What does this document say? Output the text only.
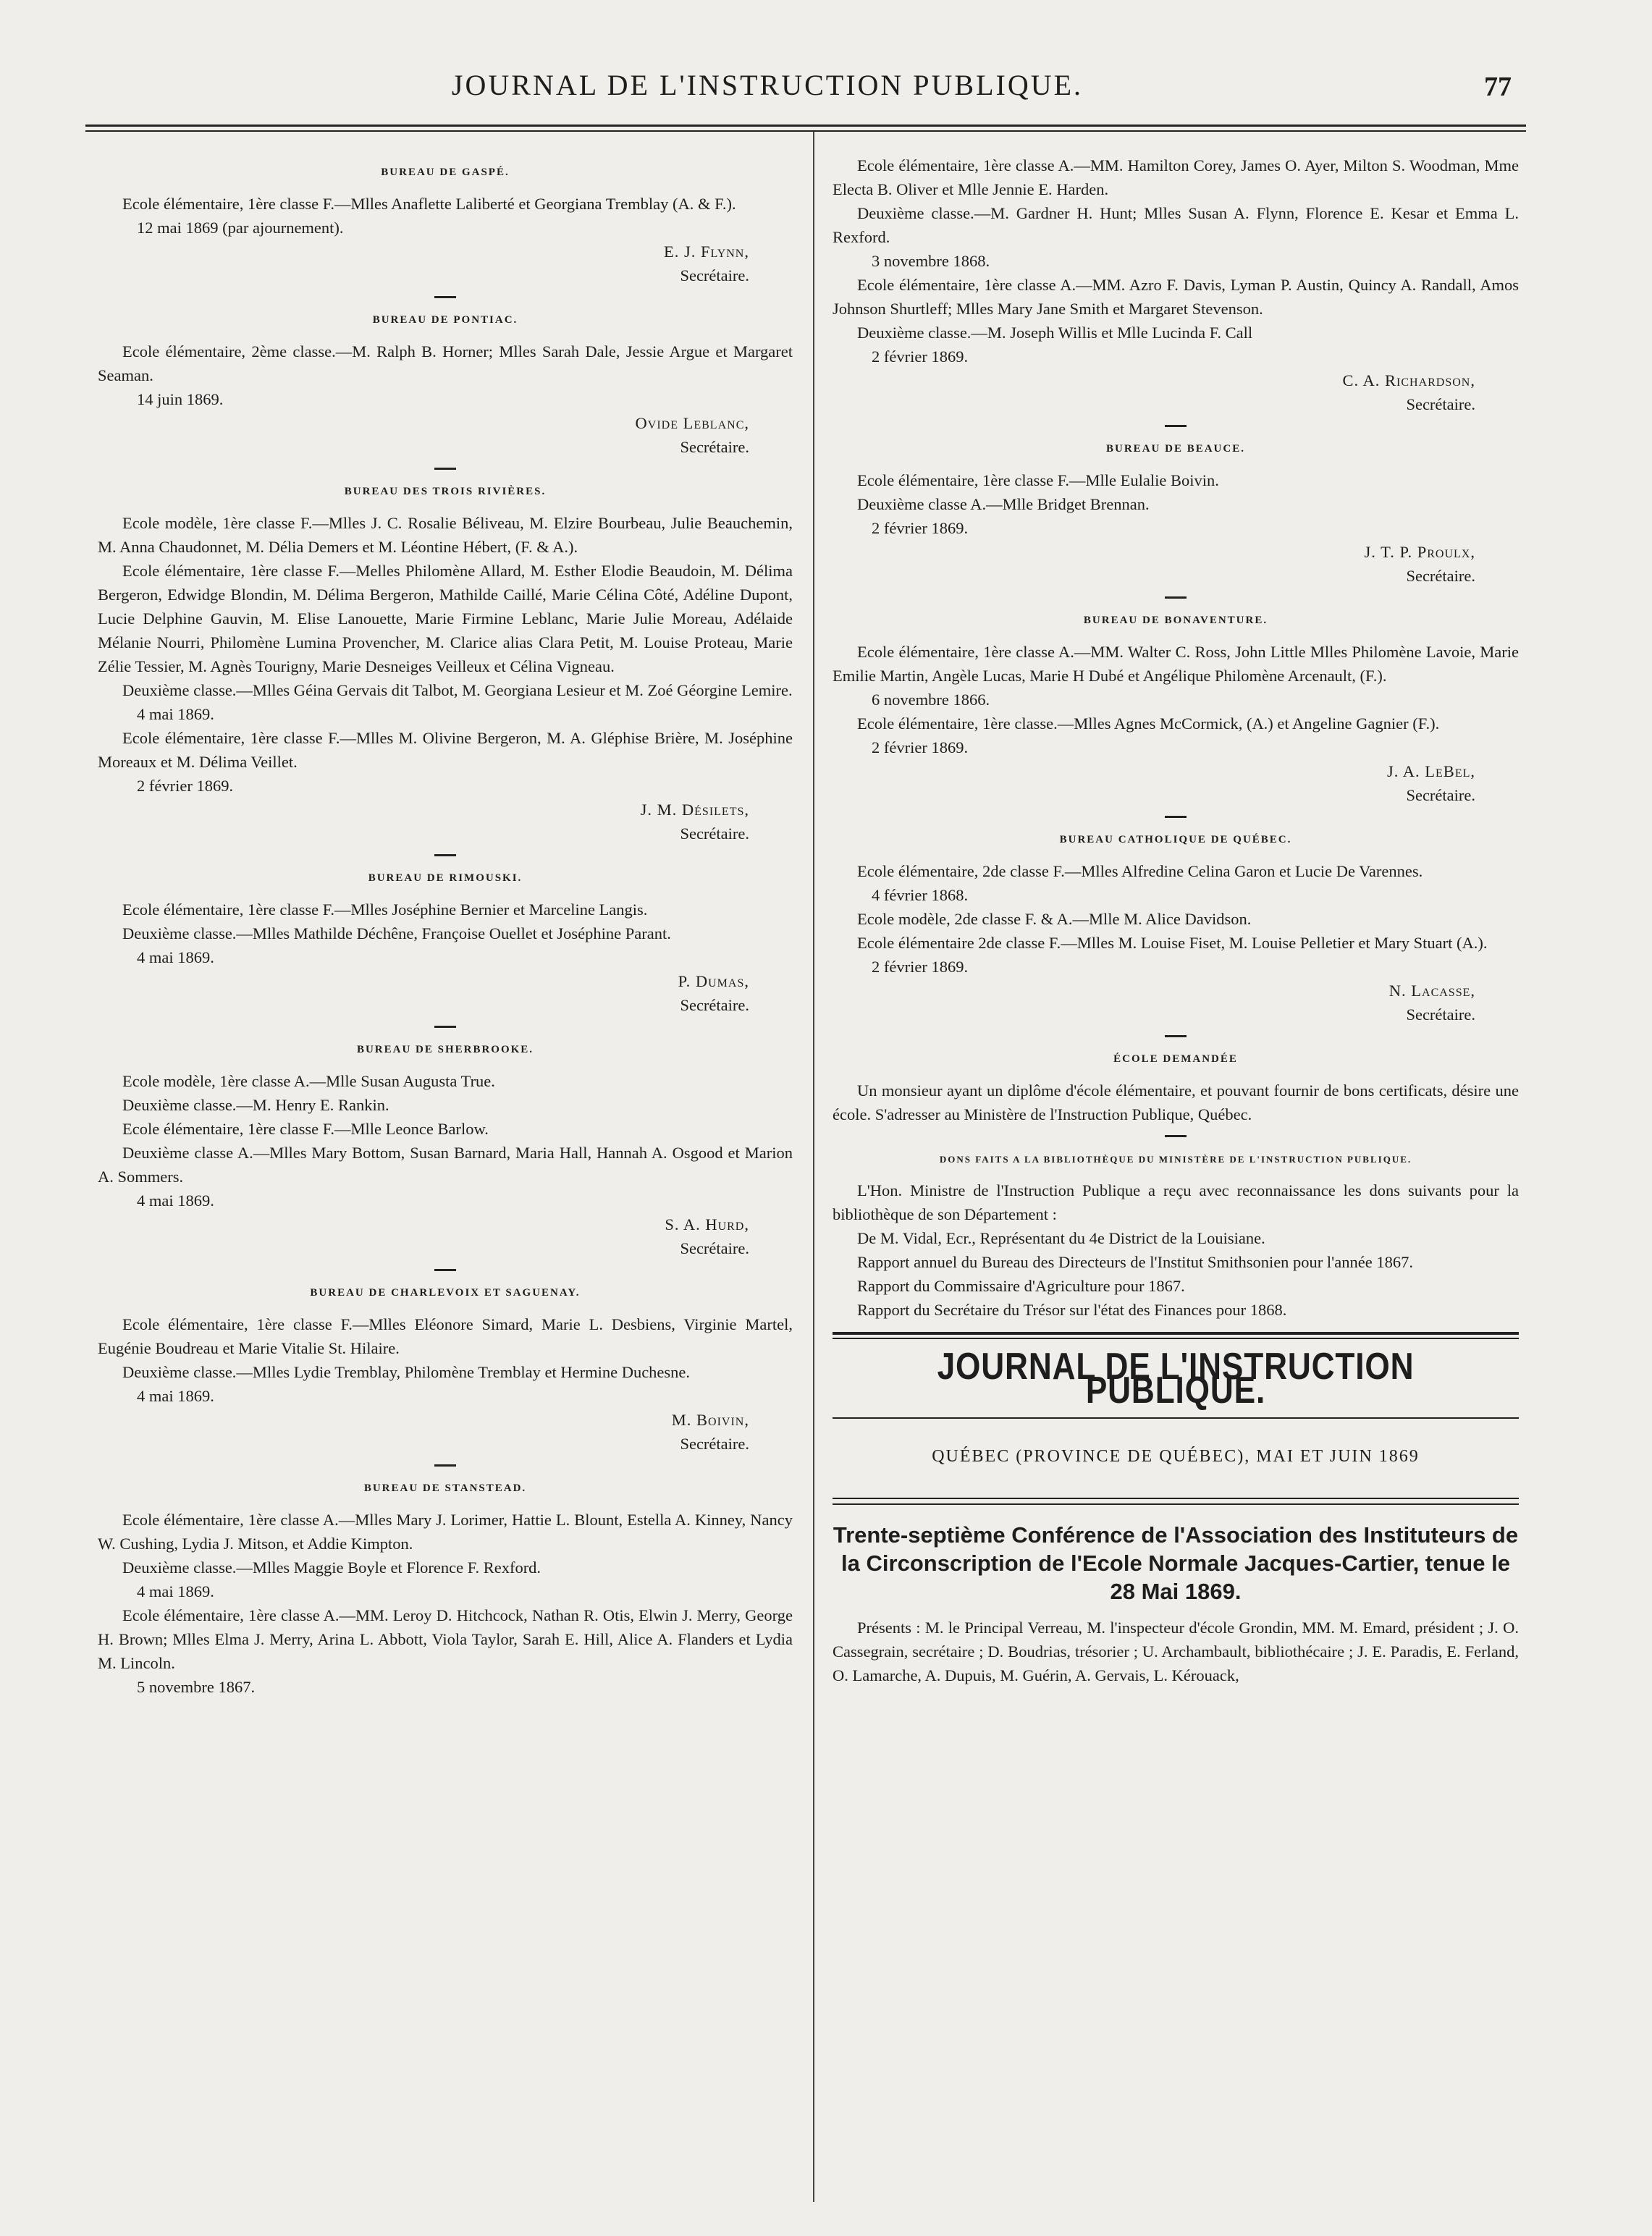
JOURNAL DE L'INSTRUCTION PUBLIQUE.	77
BUREAU DE GASPÉ.

Ecole élémentaire, 1ère classe F.—Mlles Anaflette Laliberté et Georgiana Tremblay (A. & F.).

12 mai 1869 (par ajournement).

E. J. Flynn,

Secrétaire.

BUREAU DE PONTIAC.

Ecole élémentaire, 2ème classe.—M. Ralph B. Horner; Mlles Sarah Dale, Jessie Argue et Margaret Seaman.

14 juin 1869.

Ovide Leblanc,

Secrétaire.

BUREAU DES TROIS RIVIÈRES.

Ecole modèle, 1ère classe F.—Mlles J. C. Rosalie Béliveau, M. Elzire Bourbeau, Julie Beauchemin, M. Anna Chaudonnet, M. Délia Demers et M. Léontine Hébert, (F. & A.).

Ecole élémentaire, 1ère classe F.—Melles Philomène Allard, M. Esther Elodie Beaudoin, M. Délima Bergeron, Edwidge Blondin, M. Délima Bergeron, Mathilde Caillé, Marie Célina Côté, Adéline Dupont, Lucie Delphine Gauvin, M. Elise Lanouette, Marie Firmine Leblanc, Marie Julie Moreau, Adélaide Mélanie Nourri, Philomène Lumina Provencher, M. Clarice alias Clara Petit, M. Louise Proteau, Marie Zélie Tessier, M. Agnès Tourigny, Marie Desneiges Veilleux et Célina Vigneau.

Deuxième classe.—Mlles Géina Gervais dit Talbot, M. Georgiana Lesieur et M. Zoé Géorgine Lemire.

4 mai 1869.

Ecole élémentaire, 1ère classe F.—Mlles M. Olivine Bergeron, M. A. Gléphise Brière, M. Joséphine Moreaux et M. Délima Veillet.

2 février 1869.

J. M. Désilets,

Secrétaire.

BUREAU DE RIMOUSKI.

Ecole élémentaire, 1ère classe F.—Mlles Joséphine Bernier et Marceline Langis.

Deuxième classe.—Mlles Mathilde Déchêne, Françoise Ouellet et Joséphine Parant.

4 mai 1869.

P. Dumas,

Secrétaire.

BUREAU DE SHERBROOKE.

Ecole modèle, 1ère classe A.—Mlle Susan Augusta True.

Deuxième classe.—M. Henry E. Rankin.

Ecole élémentaire, 1ère classe F.—Mlle Leonce Barlow.

Deuxième classe A.—Mlles Mary Bottom, Susan Barnard, Maria Hall, Hannah A. Osgood et Marion A. Sommers.

4 mai 1869.

S. A. Hurd,

Secrétaire.

BUREAU DE CHARLEVOIX ET SAGUENAY.

Ecole élémentaire, 1ère classe F.—Mlles Eléonore Simard, Marie L. Desbiens, Virginie Martel, Eugénie Boudreau et Marie Vitalie St. Hilaire.

Deuxième classe.—Mlles Lydie Tremblay, Philomène Tremblay et Hermine Duchesne.

4 mai 1869.

M. Boivin,

Secrétaire.

BUREAU DE STANSTEAD.

Ecole élémentaire, 1ère classe A.—Mlles Mary J. Lorimer, Hattie L. Blount, Estella A. Kinney, Nancy W. Cushing, Lydia J. Mitson, et Addie Kimpton.

Deuxième classe.—Mlles Maggie Boyle et Florence F. Rexford.

4 mai 1869.

Ecole élémentaire, 1ère classe A.—MM. Leroy D. Hitchcock, Nathan R. Otis, Elwin J. Merry, George H. Brown; Mlles Elma J. Merry, Arina L. Abbott, Viola Taylor, Sarah E. Hill, Alice A. Flanders et Lydia M. Lincoln.

5 novembre 1867.

Ecole élémentaire, 1ère classe A.—MM. Hamilton Corey, James O. Ayer, Milton S. Woodman, Mme Electa B. Oliver et Mlle Jennie E. Harden.

Deuxième classe.—M. Gardner H. Hunt; Mlles Susan A. Flynn, Florence E. Kesar et Emma L. Rexford.

3 novembre 1868.

Ecole élémentaire, 1ère classe A.—MM. Azro F. Davis, Lyman P. Austin, Quincy A. Randall, Amos Johnson Shurtleff; Mlles Mary Jane Smith et Margaret Stevenson.

Deuxième classe.—M. Joseph Willis et Mlle Lucinda F. Call

2 février 1869.

C. A. Richardson,

Secrétaire.

BUREAU DE BEAUCE.

Ecole élémentaire, 1ère classe F.—Mlle Eulalie Boivin.

Deuxième classe A.—Mlle Bridget Brennan.

2 février 1869.

J. T. P. Proulx,

Secrétaire.

BUREAU DE BONAVENTURE.

Ecole élémentaire, 1ère classe A.—MM. Walter C. Ross, John Little Mlles Philomène Lavoie, Marie Emilie Martin, Angèle Lucas, Marie H Dubé et Angélique Philomène Arcenault, (F.).

6 novembre 1866.

Ecole élémentaire, 1ère classe.—Mlles Agnes McCormick, (A.) et Angeline Gagnier (F.).

2 février 1869.

J. A. LeBel,

Secrétaire.

BUREAU CATHOLIQUE DE QUÉBEC.

Ecole élémentaire, 2de classe F.—Mlles Alfredine Celina Garon et Lucie De Varennes.

4 février 1868.

Ecole modèle, 2de classe F. & A.—Mlle M. Alice Davidson.

Ecole élémentaire 2de classe F.—Mlles M. Louise Fiset, M. Louise Pelletier et Mary Stuart (A.).

2 février 1869.

N. Lacasse,

Secrétaire.

ÉCOLE DEMANDÉE

Un monsieur ayant un diplôme d'école élémentaire, et pouvant fournir de bons certificats, désire une école. S'adresser au Ministère de l'Instruction Publique, Québec.

DONS FAITS A LA BIBLIOTHÈQUE DU MINISTÈRE DE L'INSTRUCTION PUBLIQUE.

L'Hon. Ministre de l'Instruction Publique a reçu avec reconnaissance les dons suivants pour la bibliothèque de son Département :

De M. Vidal, Ecr., Représentant du 4e District de la Louisiane.

Rapport annuel du Bureau des Directeurs de l'Institut Smithsonien pour l'année 1867.

Rapport du Commissaire d'Agriculture pour 1867.

Rapport du Secrétaire du Trésor sur l'état des Finances pour 1868.

JOURNAL DE L'INSTRUCTION PUBLIQUE.
QUÉBEC (PROVINCE DE QUÉBEC), MAI ET JUIN 1869
Trente-septième Conférence de l'Association des Instituteurs de la Circonscription de l'Ecole Normale Jacques-Cartier, tenue le 28 Mai 1869.

Présents : M. le Principal Verreau, M. l'inspecteur d'école Grondin, MM. M. Emard, président ; J. O. Cassegrain, secrétaire ; D. Boudrias, trésorier ; U. Archambault, bibliothécaire ; J. E. Paradis, E. Ferland, O. Lamarche, A. Dupuis, M. Guérin, A. Gervais, L. Kérouack,
